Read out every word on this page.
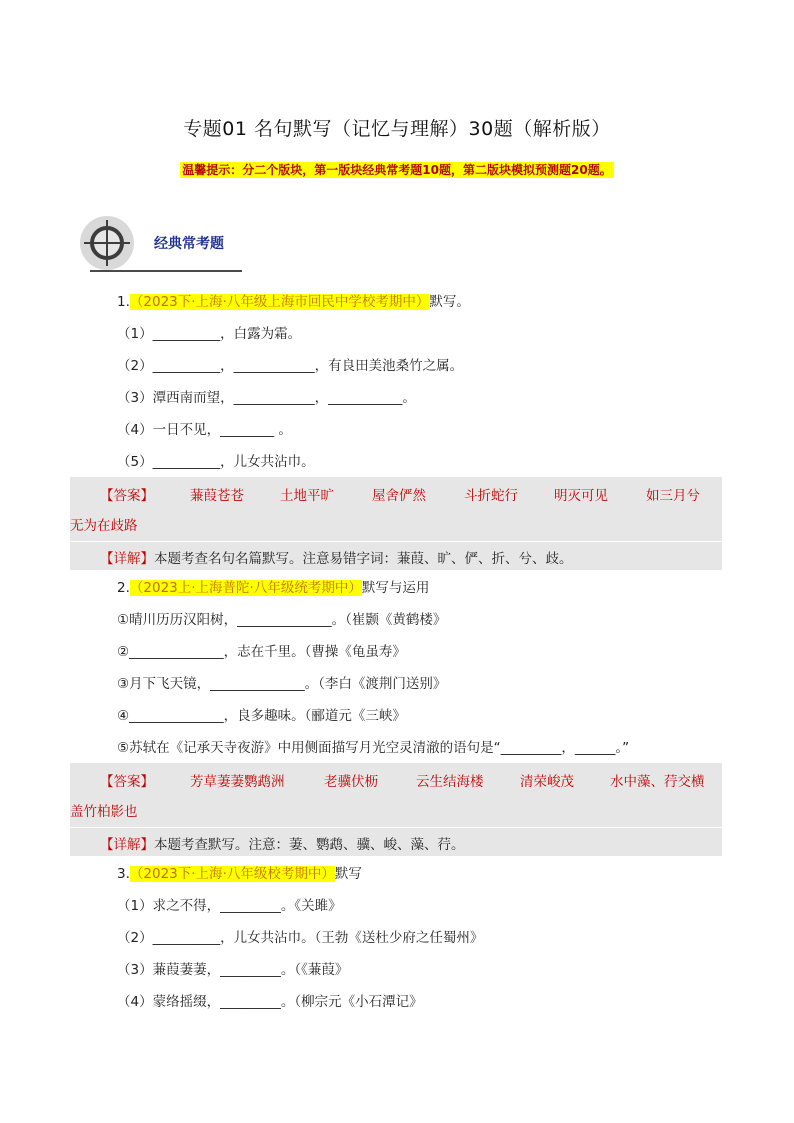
专题01 名句默写（记忆与理解）30题（解析版）
温馨提示：分二个版块，第一版块经典常考题10题，第二版块模拟预测题20题。
经典常考题
1.（2023下·上海·八年级上海市回民中学校考期中）默写。
（1）__________，白露为霜。
（2）__________，____________，有良田美池桑竹之属。
（3）潭西南而望，____________，___________。
（4）一日不见，________ 。
（5）__________，儿女共沾巾。
【答案】	蒹葭苍苍	土地平旷	屋舍俨然	斗折蛇行	明灭可见	如三月兮
无为在歧路
【详解】本题考查名句名篇默写。注意易错字词：蒹葭、旷、俨、折、兮、歧。
2.（2023上·上海普陀·八年级统考期中）默写与运用
①晴川历历汉阳树，______________。（崔颢《黄鹤楼》
②______________，志在千里。（曹操《龟虽寿》
③月下飞天镜，______________。（李白《渡荆门送别》
④______________，良多趣味。（郦道元《三峡》
⑤苏轼在《记承天寺夜游》中用侧面描写月光空灵清澈的语句是“_________，______。”
【答案】	芳草萋萋鹦鹉洲	老骥伏枥	云生结海楼	清荣峻茂	水中藻、荇交横
盖竹柏影也
【详解】本题考查默写。注意：萋、鹦鹉、骥、峻、藻、荇。
3.（2023下·上海·八年级校考期中）默写
（1）求之不得，_________。《关雎》
（2）__________，儿女共沾巾。（王勃《送杜少府之任蜀州》
（3）蒹葭萋萋，_________。（《蒹葭》
（4）蒙络摇缀，_________。（柳宗元《小石潭记》
